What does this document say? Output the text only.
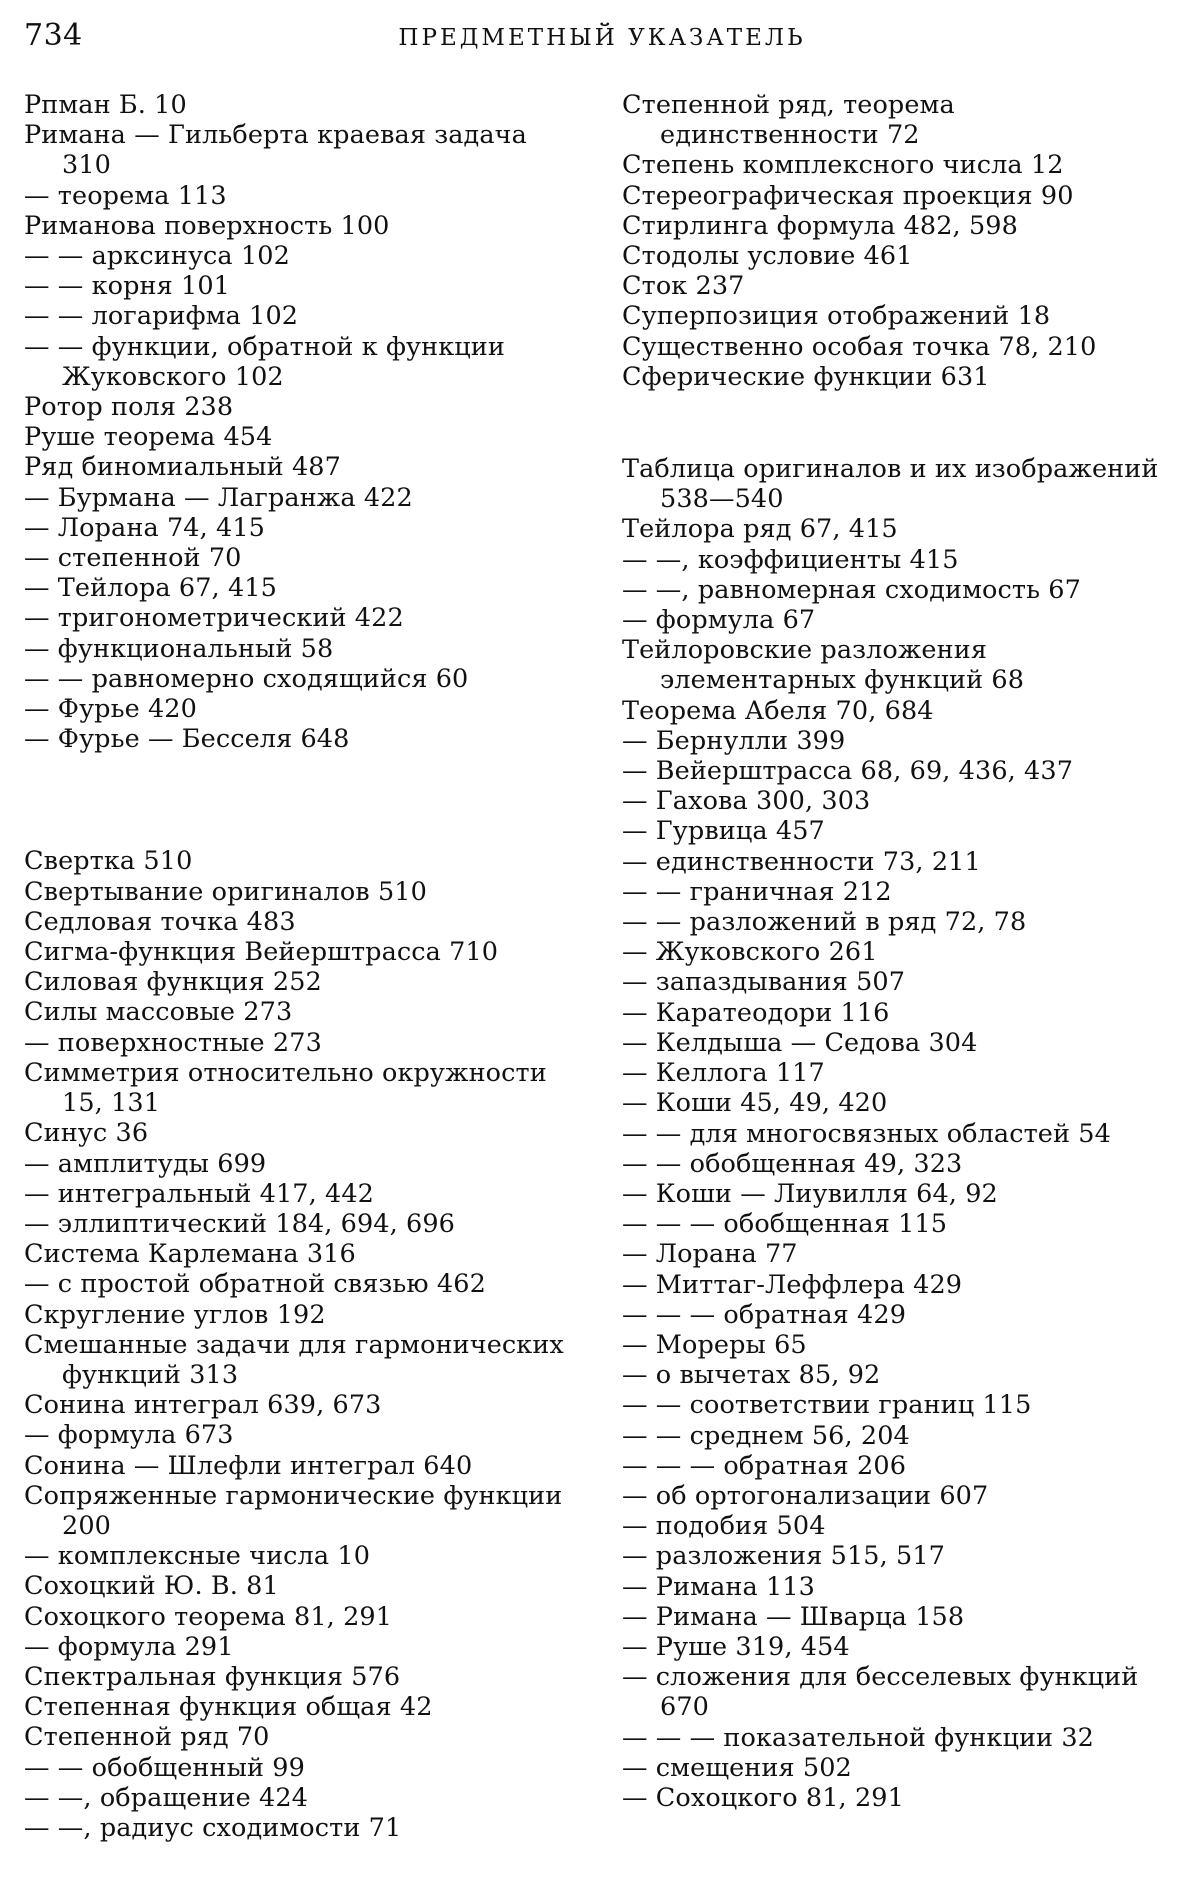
734	ПРЕДМЕТНЫЙ УКАЗАТЕЛЬ
Рпман Б. 10
Римана — Гильберта краевая задача 310
— теорема 113
Риманова поверхность 100
— — арксинуса 102
— — корня 101
— — логарифма 102
— — функции, обратной к функции Жуковского 102
Ротор поля 238
Руше теорема 454
Ряд биномиальный 487
— Бурмана — Лагранжа 422
— Лорана 74, 415
— степенной 70
— Тейлора 67, 415
— тригонометрический 422
— функциональный 58
— — равномерно сходящийся 60
— Фурье 420
— Фурье — Бесселя 648
Свертка 510
Свертывание оригиналов 510
Седловая точка 483
Сигма-функция Вейерштрасса 710
Силовая функция 252
Силы массовые 273
— поверхностные 273
Симметрия относительно окружности 15, 131
Синус 36
— амплитуды 699
— интегральный 417, 442
— эллиптический 184, 694, 696
Система Карлемана 316
— с простой обратной связью 462
Скругление углов 192
Смешанные задачи для гармонических функций 313
Сонина интеграл 639, 673
— формула 673
Сонина — Шлефли интеграл 640
Сопряженные гармонические функции 200
— комплексные числа 10
Сохоцкий Ю. В. 81
Сохоцкого теорема 81, 291
— формула 291
Спектральная функция 576
Степенная функция общая 42
Степенной ряд 70
— — обобщенный 99
— —, обращение 424
— —, радиус сходимости 71
Степенной ряд, теорема единственности 72
Степень комплексного числа 12
Стереографическая проекция 90
Стирлинга формула 482, 598
Стодолы условие 461
Сток 237
Суперпозиция отображений 18
Существенно особая точка 78, 210
Сферические функции 631
Таблица оригиналов и их изображений 538—540
Тейлора ряд 67, 415
— —, коэффициенты 415
— —, равномерная сходимость 67
— формула 67
Тейлоровские разложения элементарных функций 68
Теорема Абеля 70, 684
— Бернулли 399
— Вейерштрасса 68, 69, 436, 437
— Гахова 300, 303
— Гурвица 457
— единственности 73, 211
— — граничная 212
— — разложений в ряд 72, 78
— Жуковского 261
— запаздывания 507
— Каратеодори 116
— Келдыша — Седова 304
— Келлога 117
— Коши 45, 49, 420
— — для многосвязных областей 54
— — обобщенная 49, 323
— Коши — Лиувилля 64, 92
— — — обобщенная 115
— Лорана 77
— Миттаг-Леффлера 429
— — — обратная 429
— Мореры 65
— о вычетах 85, 92
— — соответствии границ 115
— — среднем 56, 204
— — — обратная 206
— об ортогонализации 607
— подобия 504
— разложения 515, 517
— Римана 113
— Римана — Шварца 158
— Руше 319, 454
— сложения для бесселевых функций 670
— — — показательной функции 32
— смещения 502
— Сохоцкого 81, 291
